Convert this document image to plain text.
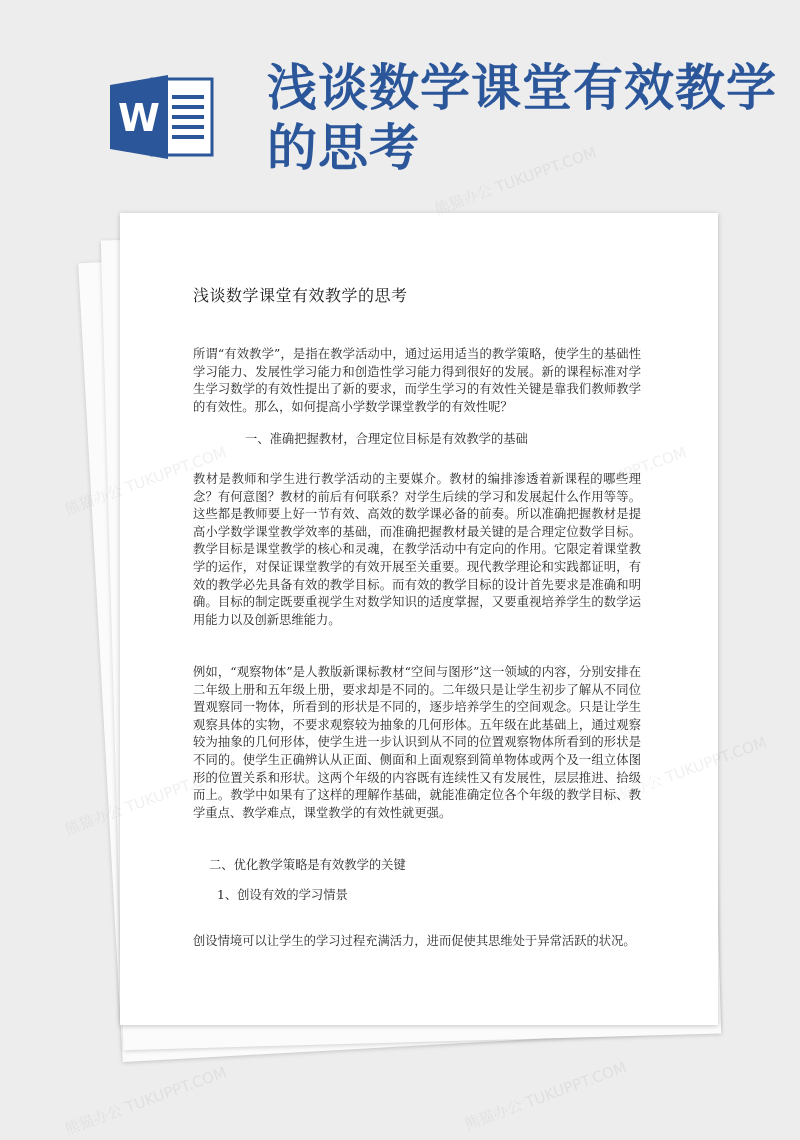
W
浅谈数学课堂有效教学的思考
浅谈数学课堂有效教学的思考

所谓“有效教学”，是指在教学活动中，通过运用适当的教学策略，使学生的基础性学习能力、发展性学习能力和创造性学习能力得到很好的发展。新的课程标准对学生学习数学的有效性提出了新的要求，而学生学习的有效性关键是靠我们教师教学的有效性。那么，如何提高小学数学课堂教学的有效性呢？

一、准确把握教材，合理定位目标是有效教学的基础

教材是教师和学生进行教学活动的主要媒介。教材的编排渗透着新课程的哪些理念？有何意图？教材的前后有何联系？对学生后续的学习和发展起什么作用等等。这些都是教师要上好一节有效、高效的数学课必备的前奏。所以准确把握教材是提高小学数学课堂教学效率的基础，而准确把握教材最关键的是合理定位数学目标。教学目标是课堂教学的核心和灵魂，在教学活动中有定向的作用。它限定着课堂教学的运作，对保证课堂教学的有效开展至关重要。现代教学理论和实践都证明，有效的教学必先具备有效的教学目标。而有效的教学目标的设计首先要求是准确和明确。目标的制定既要重视学生对数学知识的适度掌握，又要重视培养学生的数学运用能力以及创新思维能力。

例如，“观察物体”是人教版新课标教材“空间与图形”这一领域的内容，分别安排在二年级上册和五年级上册，要求却是不同的。二年级只是让学生初步了解从不同位置观察同一物体，所看到的形状是不同的，逐步培养学生的空间观念。只是让学生观察具体的实物，不要求观察较为抽象的几何形体。五年级在此基础上，通过观察较为抽象的几何形体，使学生进一步认识到从不同的位置观察物体所看到的形状是不同的。使学生正确辨认从正面、侧面和上面观察到简单物体或两个及一组立体图形的位置关系和形状。这两个年级的内容既有连续性又有发展性，层层推进、拾级而上。教学中如果有了这样的理解作基础，就能准确定位各个年级的教学目标、教学重点、教学难点，课堂教学的有效性就更强。

二、优化教学策略是有效教学的关键

1、创设有效的学习情景

创设情境可以让学生的学习过程充满活力，进而促使其思维处于异常活跃的状况。

熊猫办公 TUKUPPT.COM
熊猫办公
熊猫办公 TUKUPPT.COM	熊猫办公 TUKUPPT.COM
